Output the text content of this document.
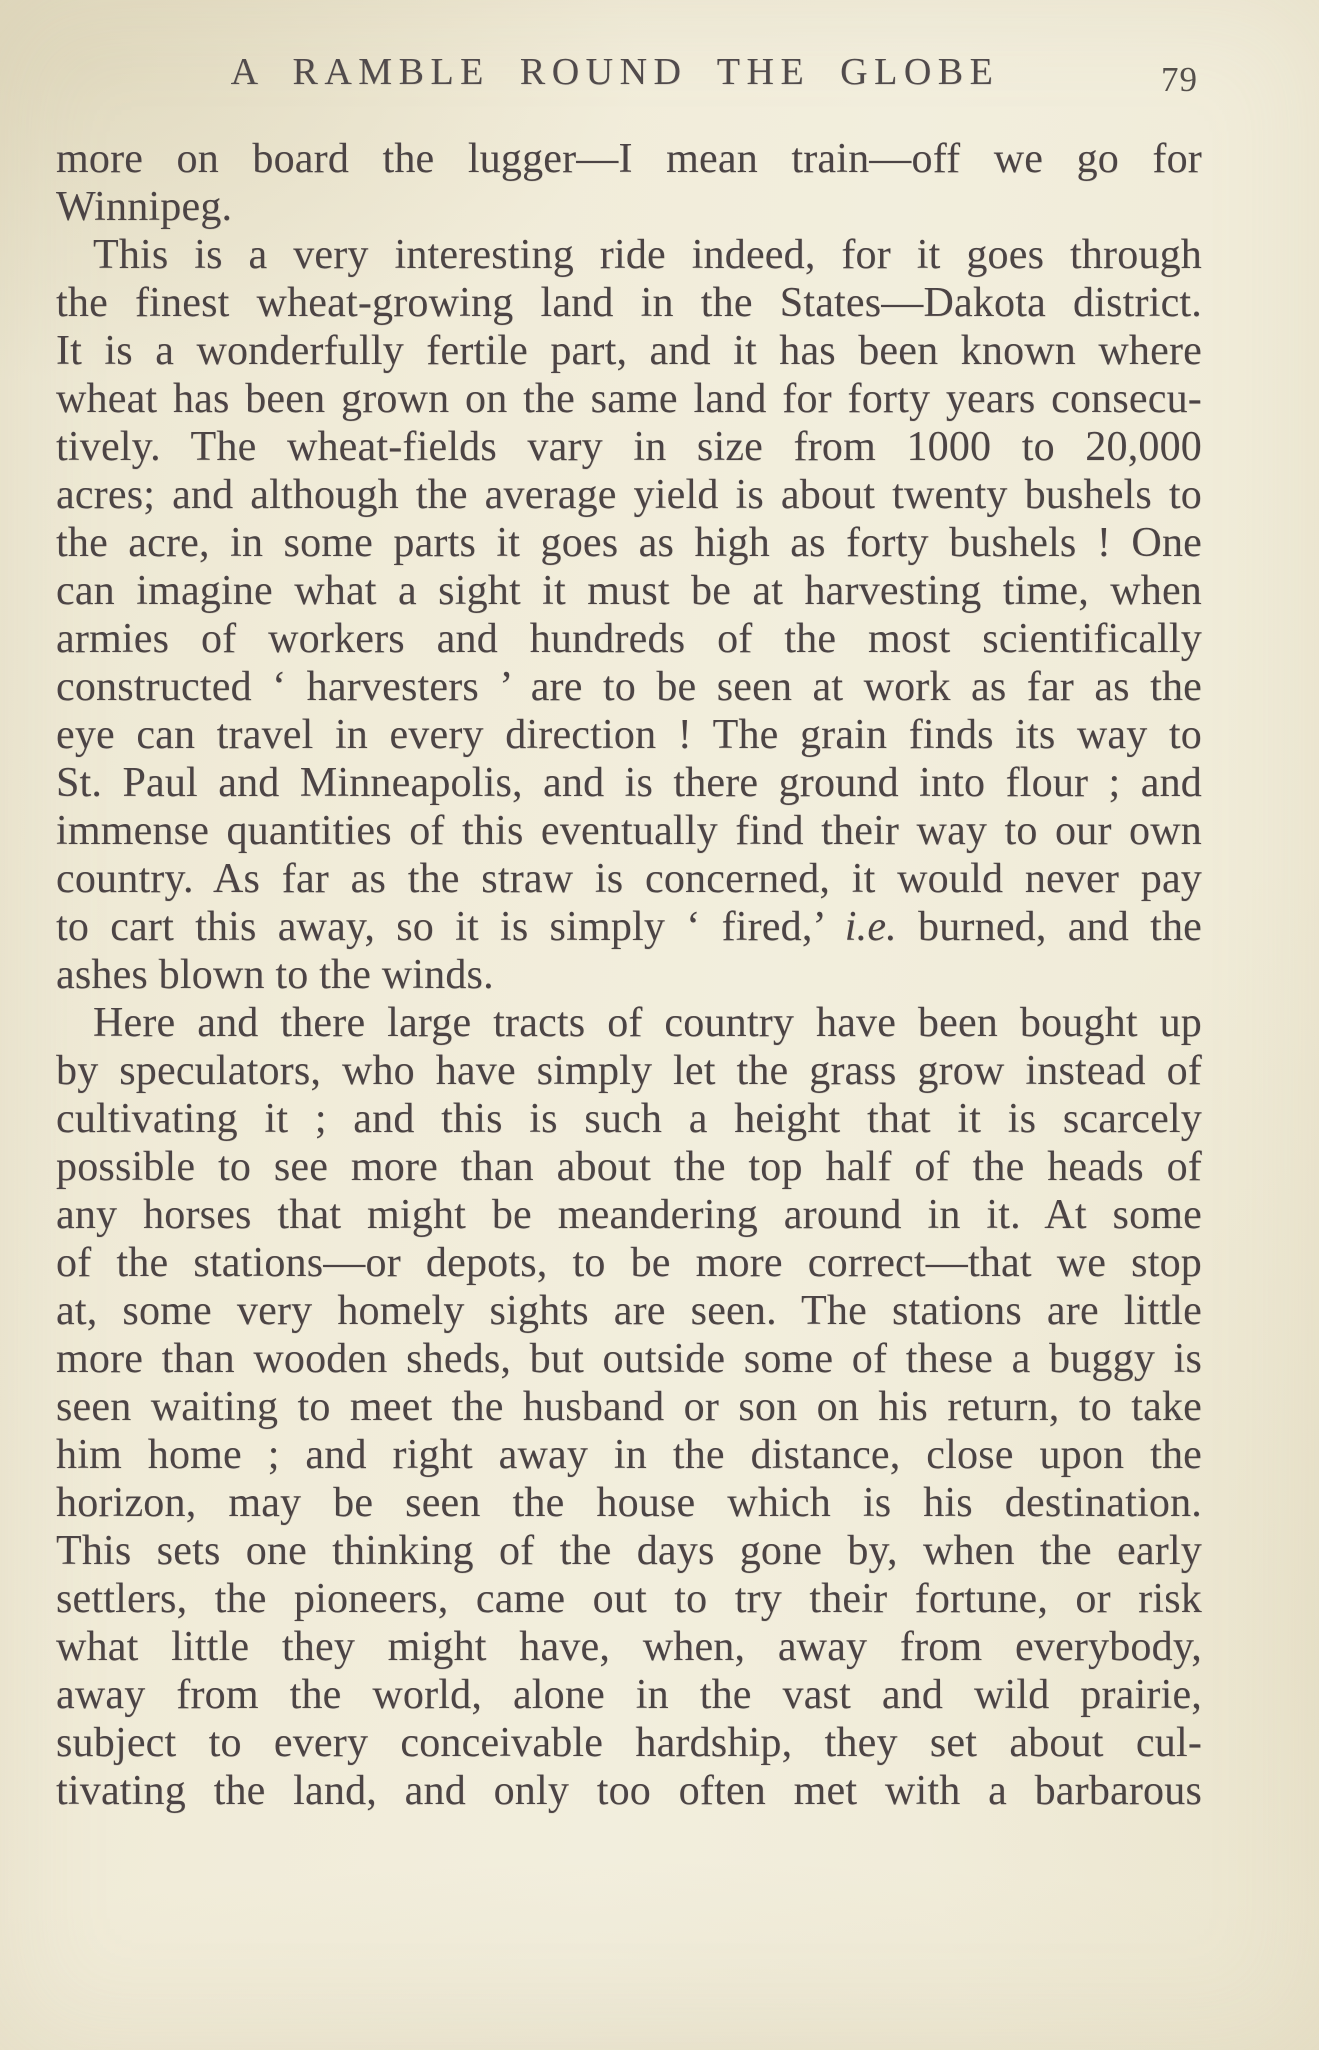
A RAMBLE ROUND THE GLOBE	79
more on board the lugger—I mean train—off we go for
Winnipeg.
This is a very interesting ride indeed, for it goes through
the finest wheat-growing land in the States—Dakota district.
It is a wonderfully fertile part, and it has been known where
wheat has been grown on the same land for forty years consecu-
tively. The wheat-fields vary in size from 1000 to 20,000
acres; and although the average yield is about twenty bushels to
the acre, in some parts it goes as high as forty bushels ! One
can imagine what a sight it must be at harvesting time, when
armies of workers and hundreds of the most scientifically
constructed ‘ harvesters ’ are to be seen at work as far as the
eye can travel in every direction ! The grain finds its way to
St. Paul and Minneapolis, and is there ground into flour ; and
immense quantities of this eventually find their way to our own
country. As far as the straw is concerned, it would never pay
to cart this away, so it is simply ‘ fired,’ i.e. burned, and the
ashes blown to the winds.
Here and there large tracts of country have been bought up
by speculators, who have simply let the grass grow instead of
cultivating it ; and this is such a height that it is scarcely
possible to see more than about the top half of the heads of
any horses that might be meandering around in it. At some
of the stations—or depots, to be more correct—that we stop
at, some very homely sights are seen. The stations are little
more than wooden sheds, but outside some of these a buggy is
seen waiting to meet the husband or son on his return, to take
him home ; and right away in the distance, close upon the
horizon, may be seen the house which is his destination.
This sets one thinking of the days gone by, when the early
settlers, the pioneers, came out to try their fortune, or risk
what little they might have, when, away from everybody,
away from the world, alone in the vast and wild prairie,
subject to every conceivable hardship, they set about cul-
tivating the land, and only too often met with a barbarous
